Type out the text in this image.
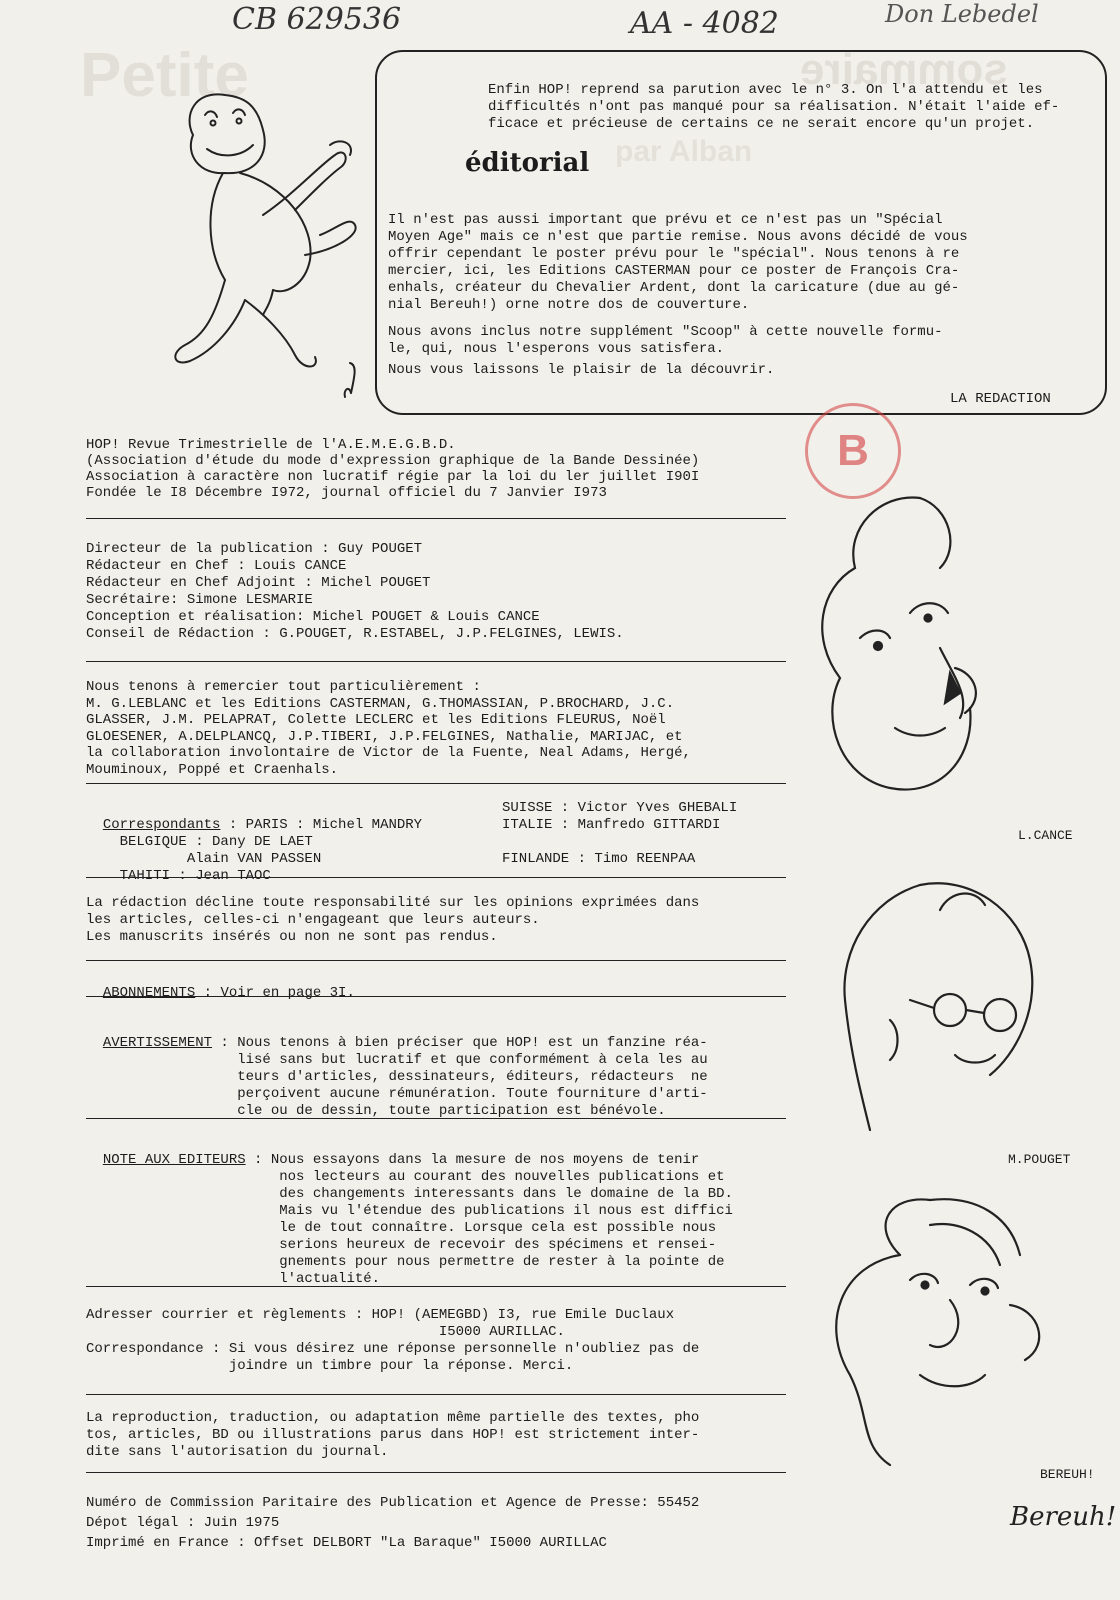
Petite	sommaire
par Alban
CB 629536	AA - 4082	Don Lebedel
Enfin HOP! reprend sa parution avec le n° 3. On l'a attendu et les
difficultés n'ont pas manqué pour sa réalisation. N'était l'aide ef-
ficace et précieuse de certains ce ne serait encore qu'un projet.
éditorial
Il n'est pas aussi important que prévu et ce n'est pas un "Spécial
Moyen Age" mais ce n'est que partie remise. Nous avons décidé de vous
offrir cependant le poster prévu pour le "spécial". Nous tenons à re
mercier, ici, les Editions CASTERMAN pour ce poster de François Cra-
enhals, créateur du Chevalier Ardent, dont la caricature (due au gé-
nial Bereuh!) orne notre dos de couverture.
Nous avons inclus notre supplément "Scoop" à cette nouvelle formu-
le, qui, nous l'esperons vous satisfera.
Nous vous laissons le plaisir de la découvrir.
LA REDACTION
B
HOP! Revue Trimestrielle de l'A.E.M.E.G.B.D.
(Association d'étude du mode d'expression graphique de la Bande Dessinée)
Association à caractère non lucratif régie par la loi du ler juillet I90I
Fondée le I8 Décembre I972, journal officiel du 7 Janvier I973
Directeur de la publication : Guy POUGET
Rédacteur en Chef : Louis CANCE
Rédacteur en Chef Adjoint : Michel POUGET
Secrétaire: Simone LESMARIE
Conception et réalisation: Michel POUGET & Louis CANCE
Conseil de Rédaction : G.POUGET, R.ESTABEL, J.P.FELGINES, LEWIS.
Nous tenons à remercier tout particulièrement :
M. G.LEBLANC et les Editions CASTERMAN, G.THOMASSIAN, P.BROCHARD, J.C.
GLASSER, J.M. PELAPRAT, Colette LECLERC et les Editions FLEURUS, Noël
GLOESENER, A.DELPLANCQ, J.P.TIBERI, J.P.FELGINES, Nathalie, MARIJAC, et
la collaboration involontaire de Victor de la Fuente, Neal Adams, Hergé,
Mouminoux, Poppé et Craenhals.

Correspondants : PARIS : Michel MANDRY
BELGIQUE : Dany DE LAET
Alain VAN PASSEN
TAHITI : Jean TAOC

SUISSE : Victor Yves GHEBALI
ITALIE : Manfredo GITTARDI

FINLANDE : Timo REENPAA
La rédaction décline toute responsabilité sur les opinions exprimées dans
les articles, celles-ci n'engageant que leurs auteurs.
Les manuscrits insérés ou non ne sont pas rendus.

ABONNEMENTS : Voir en page 3I.

AVERTISSEMENT : Nous tenons à bien préciser que HOP! est un fanzine réa-
lisé sans but lucratif et que conformément à cela les au
teurs d'articles, dessinateurs, éditeurs, rédacteurs  ne
perçoivent aucune rémunération. Toute fourniture d'arti-
cle ou de dessin, toute participation est bénévole.

NOTE AUX EDITEURS : Nous essayons dans la mesure de nos moyens de tenir
nos lecteurs au courant des nouvelles publications et
des changements interessants dans le domaine de la BD.
Mais vu l'étendue des publications il nous est diffici
le de tout connaître. Lorsque cela est possible nous
serions heureux de recevoir des spécimens et rensei-
gnements pour nous permettre de rester à la pointe de
l'actualité.

Adresser courrier et règlements : HOP! (AEMEGBD) I3, rue Emile Duclaux
I5000 AURILLAC.
Correspondance : Si vous désirez une réponse personnelle n'oubliez pas de
joindre un timbre pour la réponse. Merci.
La reproduction, traduction, ou adaptation même partielle des textes, pho
tos, articles, BD ou illustrations parus dans HOP! est strictement inter-
dite sans l'autorisation du journal.
Numéro de Commission Paritaire des Publication et Agence de Presse: 55452
Dépot légal : Juin 1975
Imprimé en France : Offset DELBORT "La Baraque" I5000 AURILLAC
L.CANCE
M.POUGET
BEREUH!
Bereuh!
